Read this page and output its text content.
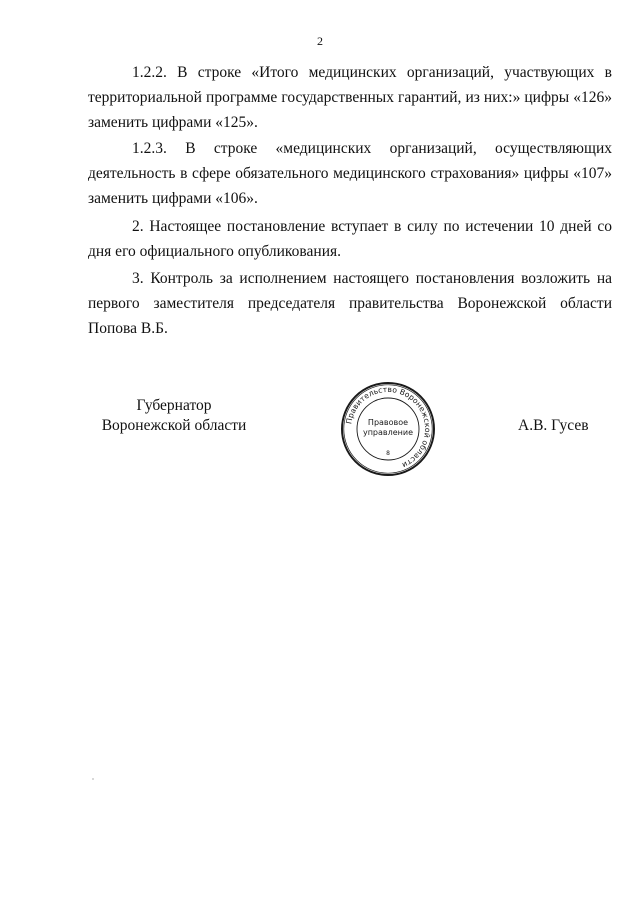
2

1.2.2. В строке «Итого медицинских организаций, участвующих в территориальной программе государственных гарантий, из них:» цифры «126» заменить цифрами «125».

1.2.3. В строке «медицинских организаций, осуществляющих деятельность в сфере обязательного медицинского страхования» цифры «107» заменить цифрами «106».

2. Настоящее постановление вступает в силу по истечении 10 дней со дня его официального опубликования.

3. Контроль за исполнением настоящего постановления возложить на первого заместителя председателя правительства Воронежской области Попова В.Б.

Губернатор
Воронежской области	Правительство Воронежской области
Правовое
управление
8
А.В. Гусев
